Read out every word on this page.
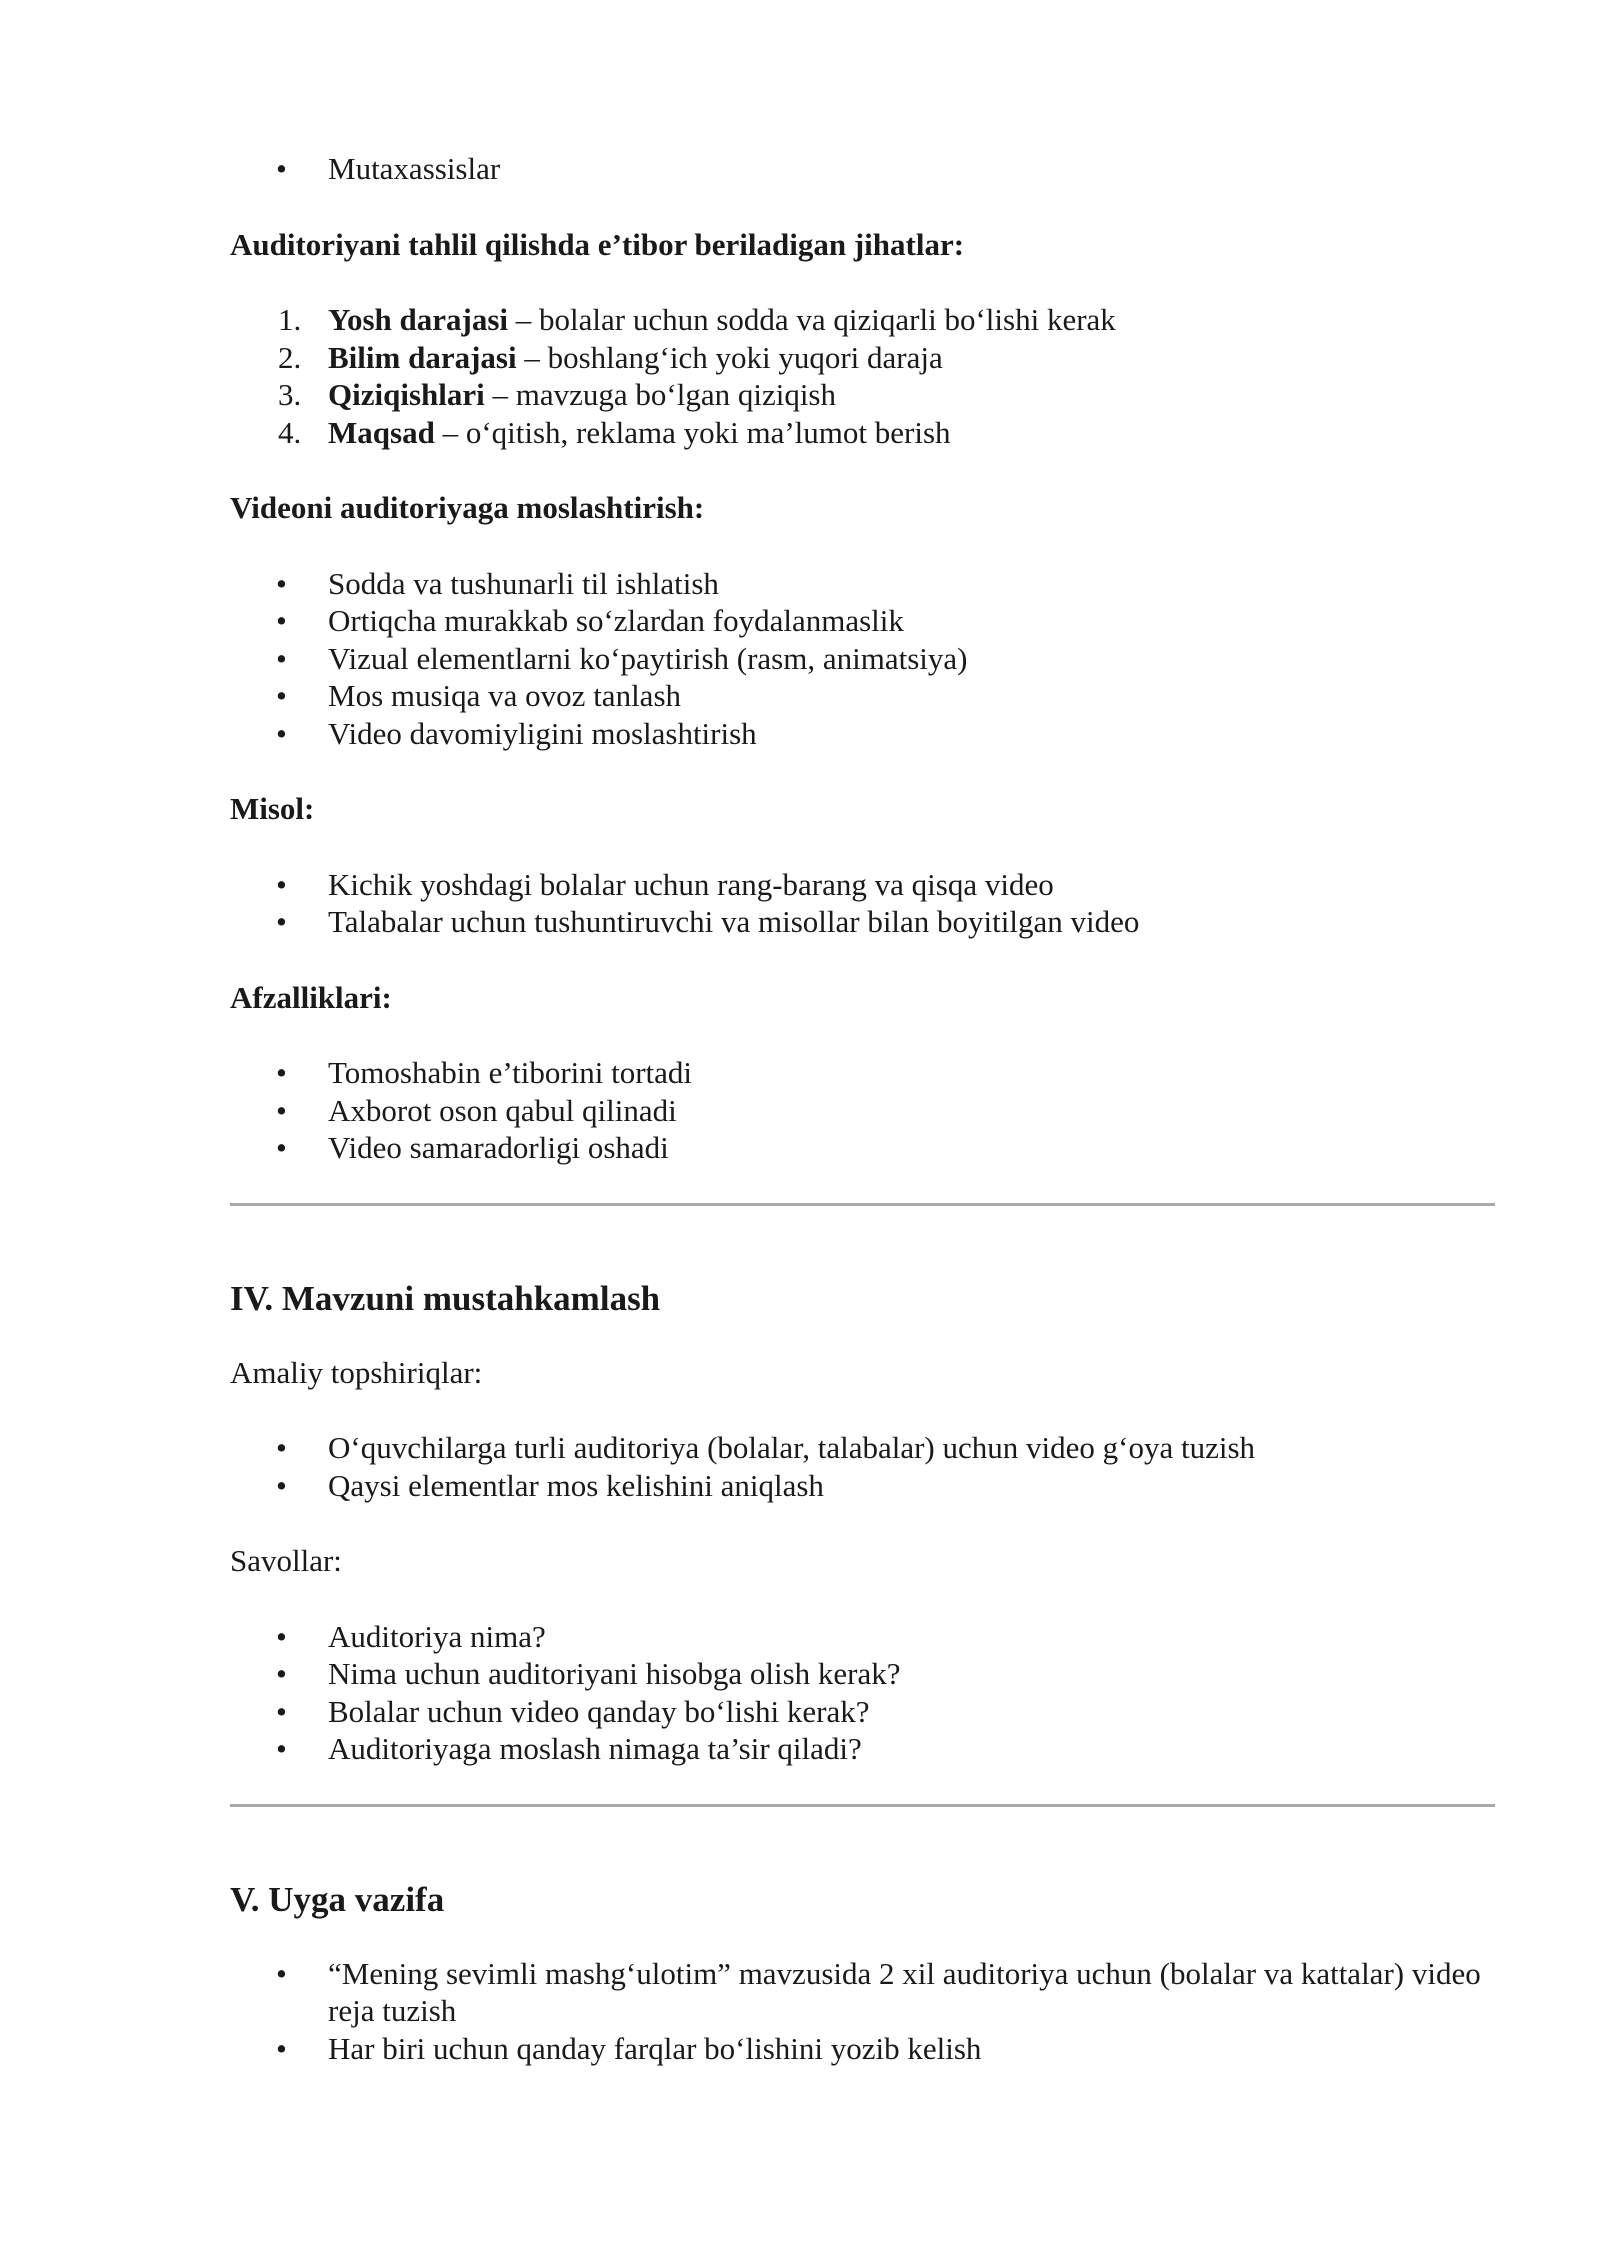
• Mutaxassislar

Auditoriyani tahlil qilishda e’tibor beriladigan jihatlar:

1. Yosh darajasi – bolalar uchun sodda va qiziqarli bo‘lishi kerak
2. Bilim darajasi – boshlang‘ich yoki yuqori daraja
3. Qiziqishlari – mavzuga bo‘lgan qiziqish
4. Maqsad – o‘qitish, reklama yoki ma’lumot berish

Videoni auditoriyaga moslashtirish:

• Sodda va tushunarli til ishlatish
• Ortiqcha murakkab so‘zlardan foydalanmaslik
• Vizual elementlarni ko‘paytirish (rasm, animatsiya)
• Mos musiqa va ovoz tanlash
• Video davomiyligini moslashtirish

Misol:

• Kichik yoshdagi bolalar uchun rang-barang va qisqa video
• Talabalar uchun tushuntiruvchi va misollar bilan boyitilgan video

Afzalliklari:

• Tomoshabin e’tiborini tortadi
• Axborot oson qabul qilinadi
• Video samaradorligi oshadi

IV. Mavzuni mustahkamlash

Amaliy topshiriqlar:

• O‘quvchilarga turli auditoriya (bolalar, talabalar) uchun video g‘oya tuzish
• Qaysi elementlar mos kelishini aniqlash

Savollar:

• Auditoriya nima?
• Nima uchun auditoriyani hisobga olish kerak?
• Bolalar uchun video qanday bo‘lishi kerak?
• Auditoriyaga moslash nimaga ta’sir qiladi?

V. Uyga vazifa

• “Mening sevimli mashg‘ulotim” mavzusida 2 xil auditoriya uchun (bolalar va kattalar) video reja tuzish
• Har biri uchun qanday farqlar bo‘lishini yozib kelish
